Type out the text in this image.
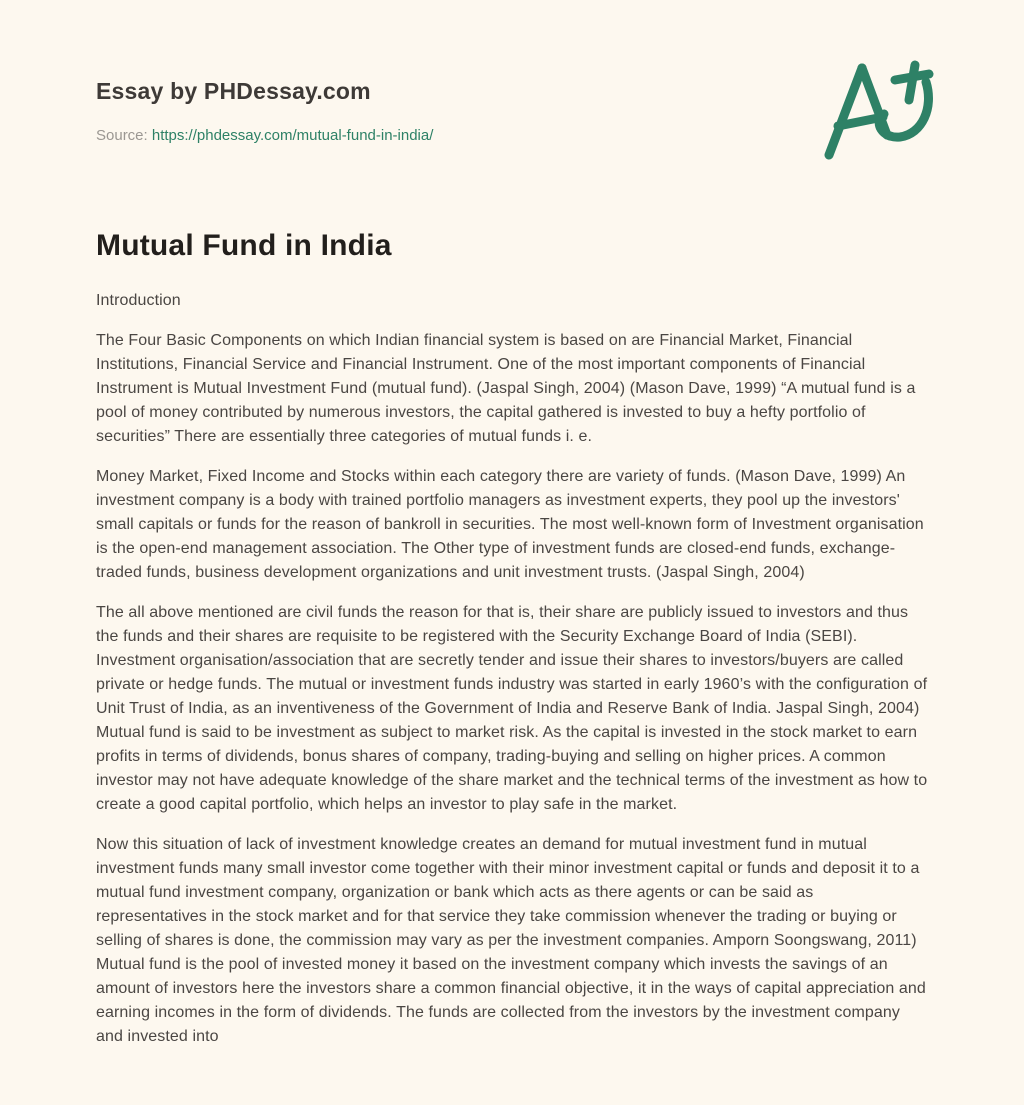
Essay by PHDessay.com
Source: https://phdessay.com/mutual-fund-in-india/
Mutual Fund in India

Introduction

The Four Basic Components on which Indian financial system is based on are Financial Market, Financial Institutions, Financial Service and Financial Instrument. One of the most important components of Financial Instrument is Mutual Investment Fund (mutual fund). (Jaspal Singh, 2004) (Mason Dave, 1999) “A mutual fund is a pool of money contributed by numerous investors, the capital gathered is invested to buy a hefty portfolio of securities” There are essentially three categories of mutual funds i. e.

Money Market, Fixed Income and Stocks within each category there are variety of funds. (Mason Dave, 1999) An investment company is a body with trained portfolio managers as investment experts, they pool up the investors' small capitals or funds for the reason of bankroll in securities. The most well-known form of Investment organisation is the open-end management association. The Other type of investment funds are closed-end funds, exchange-traded funds, business development organizations and unit investment trusts. (Jaspal Singh, 2004)

The all above mentioned are civil funds the reason for that is, their share are publicly issued to investors and thus the funds and their shares are requisite to be registered with the Security Exchange Board of India (SEBI). Investment organisation/association that are secretly tender and issue their shares to investors/buyers are called private or hedge funds. The mutual or investment funds industry was started in early 1960’s with the configuration of Unit Trust of India, as an inventiveness of the Government of India and Reserve Bank of India. Jaspal Singh, 2004) Mutual fund is said to be investment as subject to market risk. As the capital is invested in the stock market to earn profits in terms of dividends, bonus shares of company, trading-buying and selling on higher prices. A common investor may not have adequate knowledge of the share market and the technical terms of the investment as how to create a good capital portfolio, which helps an investor to play safe in the market.

Now this situation of lack of investment knowledge creates an demand for mutual investment fund in mutual investment funds many small investor come together with their minor investment capital or funds and deposit it to a mutual fund investment company, organization or bank which acts as there agents or can be said as representatives in the stock market and for that service they take commission whenever the trading or buying or selling of shares is done, the commission may vary as per the investment companies. Amporn Soongswang, 2011) Mutual fund is the pool of invested money it based on the investment company which invests the savings of an amount of investors here the investors share a common financial objective, it in the ways of capital appreciation and earning incomes in the form of dividends. The funds are collected from the investors by the investment company and invested into
